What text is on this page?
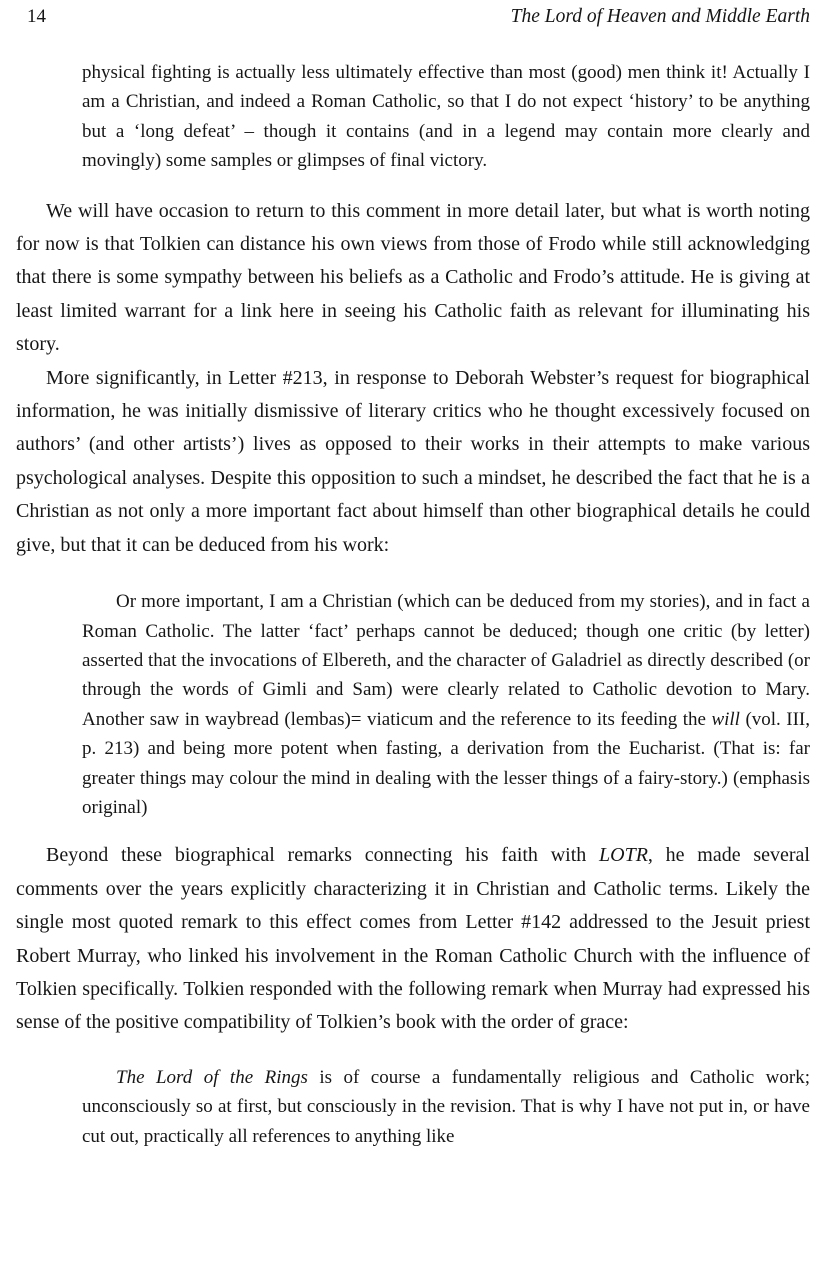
14	The Lord of Heaven and Middle Earth
physical fighting is actually less ultimately effective than most (good) men think it! Actually I am a Christian, and indeed a Roman Catholic, so that I do not expect ‘history’ to be anything but a ‘long defeat’ – though it contains (and in a legend may contain more clearly and movingly) some samples or glimpses of final victory.

We will have occasion to return to this comment in more detail later, but what is worth noting for now is that Tolkien can distance his own views from those of Frodo while still acknowledging that there is some sympathy between his beliefs as a Catholic and Frodo’s attitude. He is giving at least limited warrant for a link here in seeing his Catholic faith as relevant for illuminating his story.

More significantly, in Letter #213, in response to Deborah Webster’s request for biographical information, he was initially dismissive of literary critics who he thought excessively focused on authors’ (and other artists’) lives as opposed to their works in their attempts to make various psychological analyses. Despite this opposition to such a mindset, he described the fact that he is a Christian as not only a more important fact about himself than other biographical details he could give, but that it can be deduced from his work:

Or more important, I am a Christian (which can be deduced from my stories), and in fact a Roman Catholic. The latter ‘fact’ perhaps cannot be deduced; though one critic (by letter) asserted that the invocations of Elbereth, and the character of Galadriel as directly described (or through the words of Gimli and Sam) were clearly related to Catholic devotion to Mary. Another saw in waybread (lembas)= viaticum and the reference to its feeding the will (vol. III, p. 213) and being more potent when fasting, a derivation from the Eucharist. (That is: far greater things may colour the mind in dealing with the lesser things of a fairy-story.) (emphasis original)

Beyond these biographical remarks connecting his faith with LOTR, he made several comments over the years explicitly characterizing it in Christian and Catholic terms. Likely the single most quoted remark to this effect comes from Letter #142 addressed to the Jesuit priest Robert Murray, who linked his involvement in the Roman Catholic Church with the influence of Tolkien specifically. Tolkien responded with the following remark when Murray had expressed his sense of the positive compatibility of Tolkien’s book with the order of grace:

The Lord of the Rings is of course a fundamentally religious and Catholic work; unconsciously so at first, but consciously in the revision. That is why I have not put in, or have cut out, practically all references to anything like
